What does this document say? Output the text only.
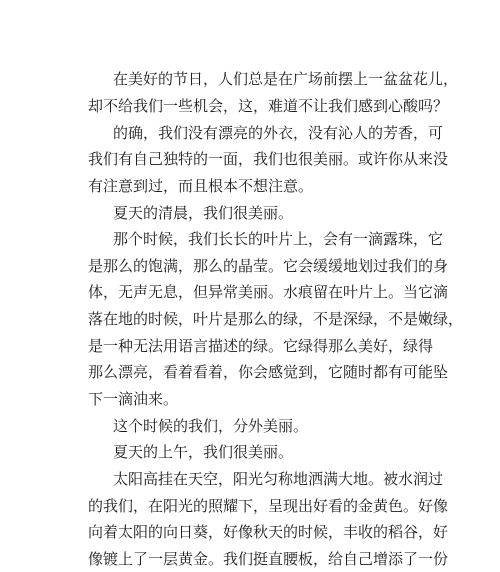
在美好的节日，人们总是在广场前摆上一盆盆花儿，
却不给我们一些机会，这，难道不让我们感到心酸吗？
的确，我们没有漂亮的外衣，没有沁人的芳香，可
我们有自己独特的一面，我们也很美丽。或许你从来没
有注意到过，而且根本不想注意。
夏天的清晨，我们很美丽。
那个时候，我们长长的叶片上，会有一滴露珠，它
是那么的饱满，那么的晶莹。它会缓缓地划过我们的身
体，无声无息，但异常美丽。水痕留在叶片上。当它滴
落在地的时候，叶片是那么的绿，不是深绿，不是嫩绿，
是一种无法用语言描述的绿。它绿得那么美好，绿得
那么漂亮，看着看着，你会感觉到，它随时都有可能坠
下一滴油来。
这个时候的我们，分外美丽。
夏天的上午，我们很美丽。
太阳高挂在天空，阳光匀称地洒满大地。被水润过
的我们，在阳光的照耀下，呈现出好看的金黄色。好像
向着太阳的向日葵，好像秋天的时候，丰收的稻谷，好
像镀上了一层黄金。我们挺直腰板，给自己增添了一份
